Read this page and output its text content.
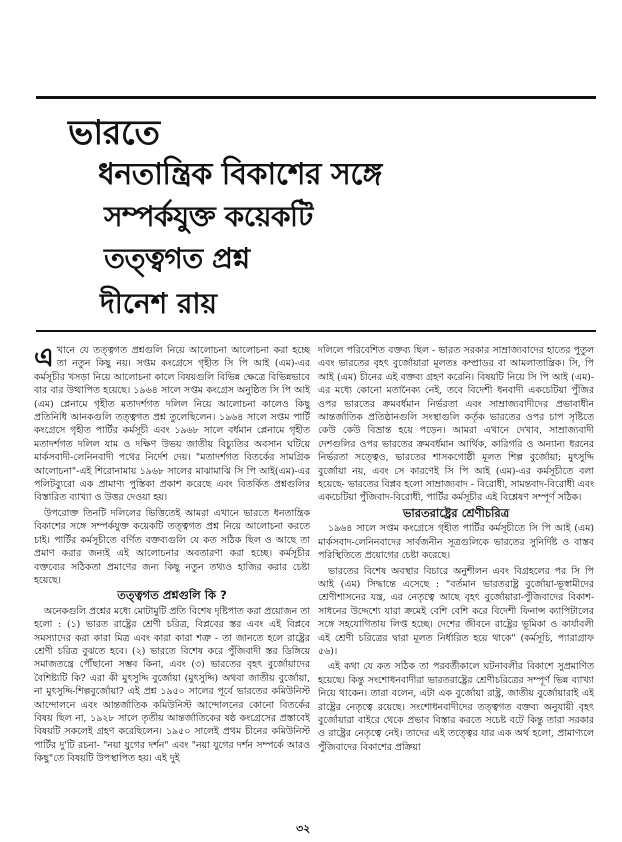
ভারতে
ধনতান্ত্রিক বিকাশের সঙ্গে
সম্পর্কযুক্ত কয়েকটি
তত্ত্বগত প্রশ্ন
দীনেশ রায়

এখানে যে তত্ত্বগত প্রশ্নগুলি নিয়ে আলোচনা আলোচনা করা হচ্ছে তা নতুন কিছু নয়। সপ্তম কংগ্রেসে গৃহীত সি পি আই (এম)-এর কর্মসূচীর খসড়া নিয়ে আলোচনা কালে বিষয়গুলি বিভিন্ন ক্ষেত্রে বিভিন্নভাবে বার বার উত্থাপিত হয়েছে। ১৯৬৪ সালে সপ্তম কংগ্রেস অনুষ্ঠিত সি পি আই (এম) প্লেনামে গৃহীত মতাদর্শগত দলিল নিয়ে আলোচনা কালেও কিছু প্রতিনিধি আনকগুলি তত্ত্বগত প্রশ্ন তুলেছিলেন। ১৯৬৪ সালে সপ্তম পার্টি কংগ্রেসে গৃহীত পার্টির কর্মসূচী এবং ১৯৬৮ সালে বর্ধমান প্লেনামে গৃহীত মতাদর্শগত দলিল যাম ও দক্ষিণ উভয় জাতীয় বিচ্যুতির অবসান ঘটিয়ে মার্কসবাদী-লেনিনবাদী পথের নির্দেশ দেয়। "মতাদর্শগত বিতর্কের সামগ্রিক আলোচনা"-এই শিরোনামায় ১৯৬৮ সালের মাঝামাঝি সি পি আই(এম)-এর পলিটব্যুরো এক প্রামাণ্য পুস্তিকা প্রকাশ করেছে এবং বিতর্কিত প্রশ্নগুলির বিস্তারিত ব্যাখ্যা ও উত্তর দেওয়া হয়।

উপরোক্ত তিনটি দলিলের ভিত্তিতেই আমরা এখানে ভারতে ধনতান্ত্রিক বিকাশের সঙ্গে সম্পর্কযুক্ত কয়েকটি তত্ত্বগত প্রশ্ন নিয়ে আলোচনা করতে চাই। পার্টির কর্মসূচীতে বর্ণিত বক্তব্যগুলি যে কত সঠিক ছিল ও আছে তা প্রমাণ করার জন্যই এই আলোচনার অবতারণা করা হচ্ছে। কর্মসূচীর বক্তব্যের সঠিকতা প্রমাণের জন্য কিছু নতুন তথ্যও হাজির করার চেষ্টা হয়েছে।

তত্ত্বগত প্রশ্নগুলি কি ?

অনেকগুলি প্রশ্নের মধ্যে মোটামুটি প্রতি বিশেষ দৃষ্টিপাত করা প্রয়োজন তা হলো : (১) ভারত রাষ্ট্রের শ্রেণী চরিত্র, বিপ্লবের স্তর এবং এই বিপ্লবে সমস্যাদের করা কারা মিত্র এবং কারা কারা শত্রু - তা জানতে হলে রাষ্ট্রের শ্রেণী চরিত্র বুঝতে হবে। (২) ভারতে বিশেষ করে পুঁজিবাদী স্তর ডিঙ্গিয়ে সমাজতন্ত্রে পৌঁছানো সম্ভব কিনা, এবং (৩) ভারতের বৃহৎ বুর্জোয়াদের বৈশিষ্ট্যটি কি? এরা কী মুৎসুদ্দি বুর্জোয়া (মুৎসুদ্দি) অথবা জাতীয় বুর্জোয়া, না মুৎসুদ্দি-শিল্পবুর্জোয়া? এই প্রশ্ন ১৯৫০ সালের পূর্বে ভারতের কমিউনিস্ট আন্দোলনে এবং আন্তর্জাতিক কমিউনিস্ট আন্দোলনের কোনো বিতর্কের বিষয় ছিল না, ১৯২৮ সালে তৃতীয় আন্তর্জাতিকের ষষ্ঠ কংগ্রেসের প্রস্তাবেই বিষয়টি সকলেই গ্রহণ করেছিলেন। ১৯৫০ সালেই প্রথম চীনের কমিউনিস্ট পার্টির দু'টি রচনা- "নয়া যুগের দর্শন" এবং "নয়া যুগের দর্শন সম্পর্কে আরও কিছু"তে বিষয়টি উপস্থাপিত হয়। এই দুই

দলিলে পরিবেশিত বক্তব্য ছিল - ভারত সরকার সাম্রাজ্যবাদের হাতের পুতুল এবং ভারতের বৃহৎ বুর্জোয়ারা মূলতঃ কম্প্রাডর বা আমলাতান্ত্রিক। সি, পি আই (এম) চীনের এই বক্তব্য গ্রহণ করেনি। বিষয়টি নিয়ে সি পি আই (এম)-এর মধ্যে কোনো মতানৈক্য নেই, তবে বিদেশী ধনবাদী একচেটিয়া পুঁজির ওপর ভারতের ক্রমবর্ধমান নির্ভরতা এবং সাম্রাজ্যবাদীদের প্রভাবাধীন আন্তর্জাতিক প্রতিষ্ঠানগুলি সংস্থাগুলি কর্তৃক ভারতের ওপর চাপ সৃষ্টিতে কেউ কেউ বিভ্রান্ত হয়ে পড়েন। আমরা এখানে দেখাব, সাম্রাজ্যবাদী দেশগুলির ওপর ভারতের ক্রমবর্ধমান আর্থিক, কারিগরি ও অন্যান্য ধরনের নির্ভরতা সত্ত্বেও, ভারতের শাসকগোষ্ঠী মূলত শিল্প বুর্জোয়া; মুৎসুদ্দি বুর্জোয়া নয়, এবং সে কারণেই সি পি আই (এম)-এর কর্মসূচীতে বলা হয়েছে- ভারতের বিপ্লব হলো সাম্রাজ্যবাদ - বিরোধী, সামন্তবাদ-বিরোধী এবং একচেটিয়া পুঁজিবাদ-বিরোধী, পার্টির কর্মসূচীর এই বিশ্লেষণ সম্পূর্ণ সঠিক।

ভারতরাষ্ট্রের শ্রেণীচরিত্র

১৯৬৪ সালে সপ্তম কংগ্রেসে গৃহীত পার্টির কর্মসূচীতে সি পি আই (এম) মার্কসবাদ-লেনিনবাদের সার্বজনীন সূত্রগুলিকে ভারতের সুনির্দিষ্ট ও বাস্তব পরিস্থিতিতে প্রয়োগের চেষ্টা করেছে।

ভারতের বিশেষ অবস্থার বিচারে অনুশীলন এবং বিগ্রহলের পর সি পি আই (এম) সিদ্ধান্তে এসেছে : "বর্তমান ভারতরাষ্ট্র বুর্জোয়া-ভূস্বামীদের শ্রেণীশাসনের যন্ত্র, এর নেতৃত্বে আছে বৃহৎ বুর্জোয়ারা-পুঁজিবাদের বিকাশ-সাধনের উদ্দেশ্যে যারা ক্রমেই বেশি বেশি করে বিদেশী ফিনান্স ক্যাপিটালের সঙ্গে সহযোগিতায় লিপ্ত হচ্ছে। দেশের জীবনে রাষ্ট্রের ভূমিকা ও কার্যাবলী এই শ্রেণী চরিত্রের দ্বারা মূলত নির্ধারিত হয়ে থাকে" (কর্মসূচি, প্যারাগ্রাফ ৫৬)।

এই কথা যে কত সঠিক তা পরবর্তীকালে ঘটনাবলীর বিকাশে সুপ্রমাণিত হয়েছে। কিন্তু সংশোধনবাদীরা ভারতরাষ্ট্রের শ্রেণীচরিত্রের সম্পূর্ণ ভিন্ন ব্যাখ্যা নিয়ে থাকেন। তারা বলেন, এটা এক বুর্জোয়া রাষ্ট্র, জাতীয় বুর্জোয়ারাই এই রাষ্ট্রের নেতৃত্বে রয়েছে। সংশোধনবাদীদের তত্ত্বগত বক্তব্য অনুযায়ী বৃহৎ বুর্জোয়ারা বাইরে থেকে প্রভাব বিস্তার করতে সচেষ্ট বটে কিন্তু তারা সরকার ও রাষ্ট্রের নেতৃত্বে নেই। তাদের এই তত্ত্বের যার এক অর্থ হলো, প্রামাণ্যলে পুঁজিবাদের বিকাশের প্রক্রিয়া

৩২
